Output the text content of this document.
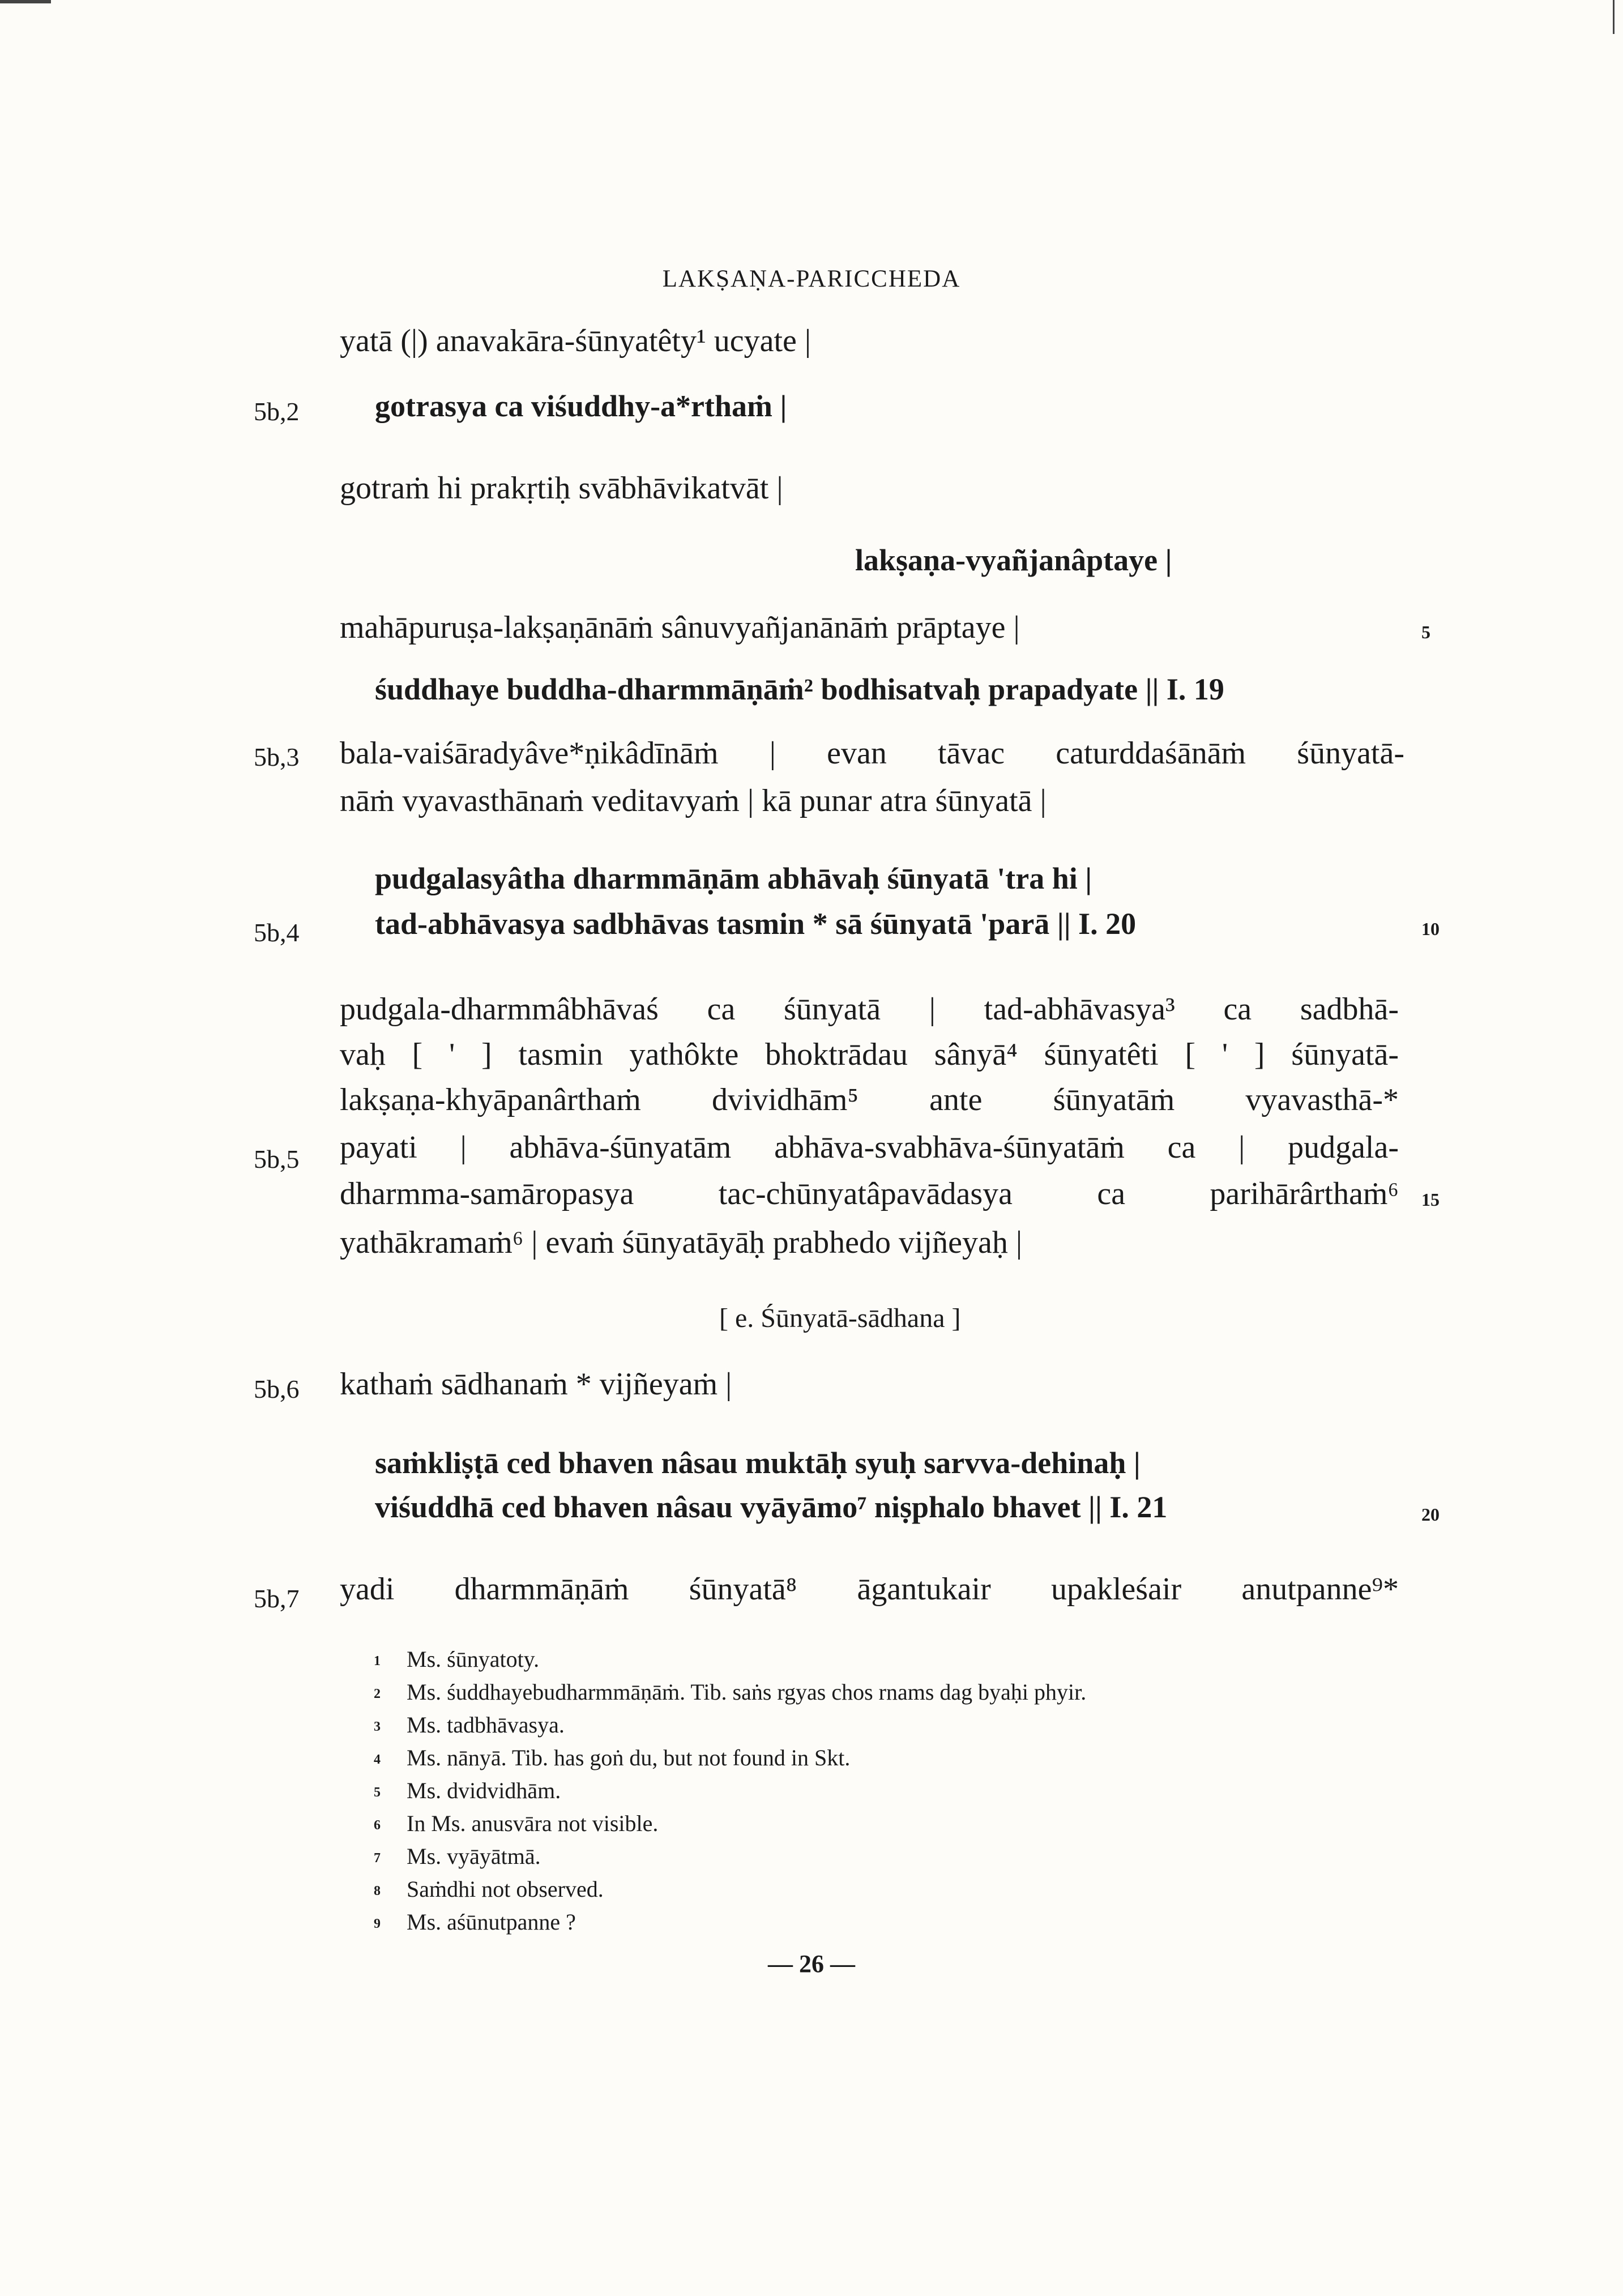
LAKṢAṆA-PARICCHEDA
yatā (|) anavakāra-śūnyatêty¹ ucyate |
gotrasya ca viśuddhy-a*rthaṁ |
gotraṁ hi prakṛtiḥ svābhāvikatvāt |
lakṣaṇa-vyañjanâptaye |
mahāpuruṣa-lakṣaṇānāṁ sânuvyañjanānāṁ prāptaye |
śuddhaye buddha-dharmmāṇāṁ² bodhisatvaḥ prapadyate || I. 19
bala-vaiśāradyâve*ṇikâdīnāṁ | evan tāvac caturddaśānāṁ śūnyatā-
nāṁ vyavasthānaṁ veditavyaṁ | kā punar atra śūnyatā |
pudgalasyâtha dharmmāṇām abhāvaḥ śūnyatā 'tra hi |
tad-abhāvasya sadbhāvas tasmin * sā śūnyatā 'parā || I. 20
pudgala-dharmmâbhāvaś ca śūnyatā | tad-abhāvasya³ ca sadbhā-
vaḥ [ ' ] tasmin yathôkte bhoktrādau sânyā⁴ śūnyatêti [ ' ] śūnyatā-
lakṣaṇa-khyāpanârthaṁ dvividhām⁵ ante śūnyatāṁ vyavasthā-*
payati | abhāva-śūnyatām abhāva-svabhāva-śūnyatāṁ ca | pudgala-
dharmma-samāropasya tac-chūnyatâpavādasya ca parihārârthaṁ⁶
yathākramaṁ⁶ | evaṁ śūnyatāyāḥ prabhedo vijñeyaḥ |
[ e. Śūnyatā-sādhana ]
kathaṁ sādhanaṁ * vijñeyaṁ |
saṁkliṣṭā ced bhaven nâsau muktāḥ syuḥ sarvva-dehinaḥ |
viśuddhā ced bhaven nâsau vyāyāmo⁷ niṣphalo bhavet || I. 21
yadi dharmmāṇāṁ śūnyatā⁸ āgantukair upakleśair anutpanne⁹*
5b,2
5b,3
5b,4
5b,5
5b,6
5b,7
5
10
15
20
1 Ms. śūnyatoty.
2 Ms. śuddhayebudharmmāṇāṁ. Tib. saṅs rgyas chos rnams dag byaḥi phyir.
3 Ms. tadbhāvasya.
4 Ms. nānyā. Tib. has goṅ du, but not found in Skt.
5 Ms. dvidvidhām.
6 In Ms. anusvāra not visible.
7 Ms. vyāyātmā.
8 Saṁdhi not observed.
9 Ms. aśūnutpanne ?
— 26 —
